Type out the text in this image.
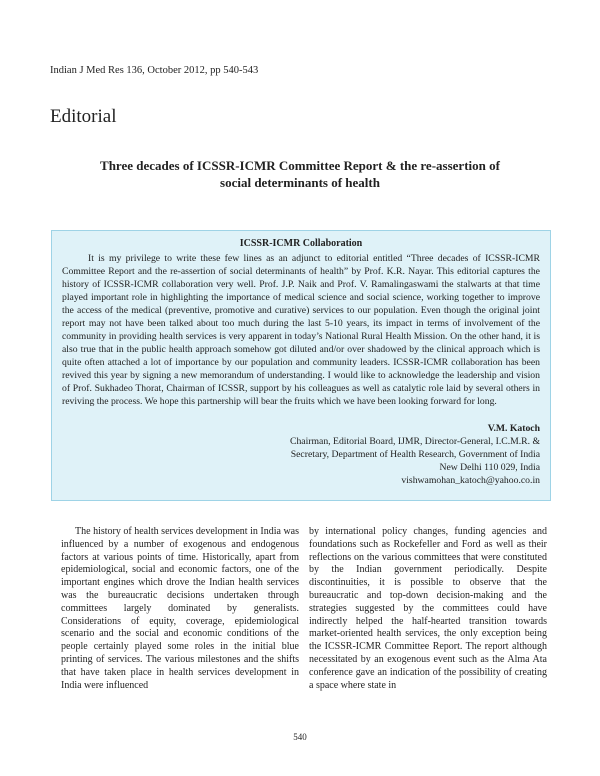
Indian J Med Res 136, October 2012, pp 540-543
Editorial
Three decades of ICSSR-ICMR Committee Report & the re-assertion of
social determinants of health
ICSSR-ICMR Collaboration

It is my privilege to write these few lines as an adjunct to editorial entitled “Three decades of ICSSR-ICMR Committee Report and the re-assertion of social determinants of health” by Prof. K.R. Nayar. This editorial captures the history of ICSSR-ICMR collaboration very well. Prof. J.P. Naik and Prof. V. Ramalingaswami the stalwarts at that time played important role in highlighting the importance of medical science and social science, working together to improve the access of the medical (preventive, promotive and curative) services to our population. Even though the original joint report may not have been talked about too much during the last 5-10 years, its impact in terms of involvement of the community in providing health services is very apparent in today’s National Rural Health Mission. On the other hand, it is also true that in the public health approach somehow got diluted and/or over shadowed by the clinical approach which is quite often attached a lot of importance by our population and community leaders. ICSSR-ICMR collaboration has been revived this year by signing a new memorandum of understanding. I would like to acknowledge the leadership and vision of Prof. Sukhadeo Thorat, Chairman of ICSSR, support by his colleagues as well as catalytic role laid by several others in reviving the process. We hope this partnership will bear the fruits which we have been looking forward for long.

V.M. Katoch
Chairman, Editorial Board, IJMR, Director-General, I.C.M.R. &
Secretary, Department of Health Research, Government of India
New Delhi 110 029, India
vishwamohan_katoch@yahoo.co.in
The history of health services development in India was influenced by a number of exogenous and endogenous factors at various points of time. Historically, apart from epidemiological, social and economic factors, one of the important engines which drove the Indian health services was the bureaucratic decisions undertaken through committees largely dominated by generalists. Considerations of equity, coverage, epidemiological scenario and the social and economic conditions of the people certainly played some roles in the initial blue printing of services. The various milestones and the shifts that have taken place in health services development in India were influenced
by international policy changes, funding agencies and foundations such as Rockefeller and Ford as well as their reflections on the various committees that were constituted by the Indian government periodically. Despite discontinuities, it is possible to observe that the bureaucratic and top-down decision-making and the strategies suggested by the committees could have indirectly helped the half-hearted transition towards market-oriented health services, the only exception being the ICSSR-ICMR Committee Report. The report although necessitated by an exogenous event such as the Alma Ata conference gave an indication of the possibility of creating a space where state in
540
